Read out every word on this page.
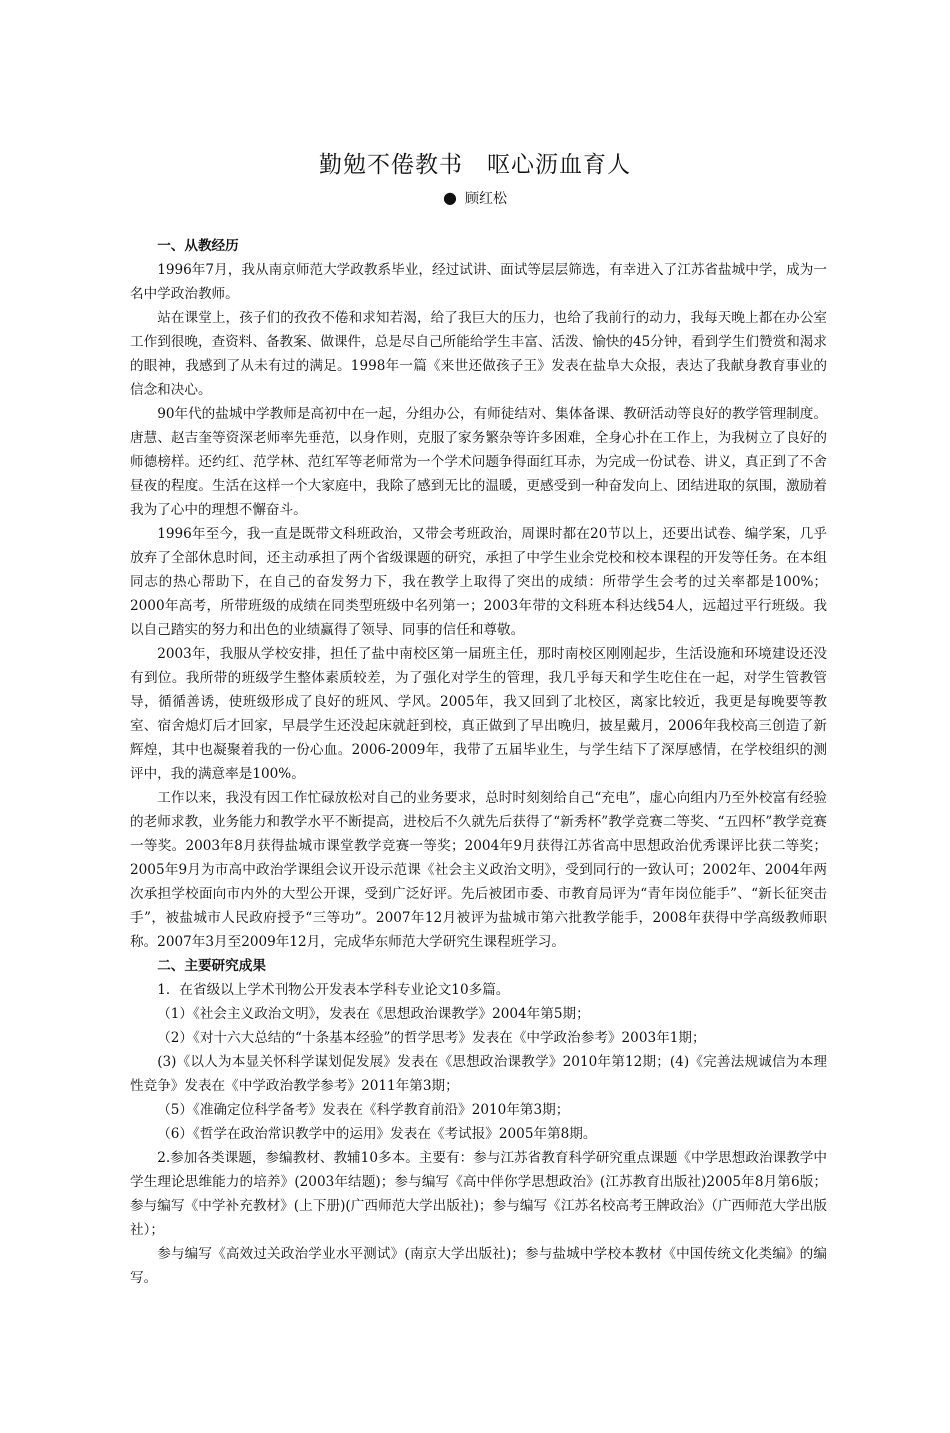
勤勉不倦教书　呕心沥血育人
● 顾红松
一、从教经历

1996年7月，我从南京师范大学政教系毕业，经过试讲、面试等层层筛选，有幸进入了江苏省盐城中学，成为一名中学政治教师。

站在课堂上，孩子们的孜孜不倦和求知若渴，给了我巨大的压力，也给了我前行的动力，我每天晚上都在办公室工作到很晚，查资料、备教案、做课件，总是尽自己所能给学生丰富、活泼、愉快的45分钟，看到学生们赞赏和渴求的眼神，我感到了从未有过的满足。1998年一篇《来世还做孩子王》发表在盐阜大众报，表达了我献身教育事业的信念和决心。

90年代的盐城中学教师是高初中在一起，分组办公，有师徒结对、集体备课、教研活动等良好的教学管理制度。唐慧、赵吉奎等资深老师率先垂范，以身作则，克服了家务繁杂等许多困难，全身心扑在工作上，为我树立了良好的师德榜样。还约红、范学林、范红军等老师常为一个学术问题争得面红耳赤，为完成一份试卷、讲义，真正到了不舍昼夜的程度。生活在这样一个大家庭中，我除了感到无比的温暖，更感受到一种奋发向上、团结进取的氛围，激励着我为了心中的理想不懈奋斗。

1996年至今，我一直是既带文科班政治，又带会考班政治，周课时都在20节以上，还要出试卷、编学案，几乎放弃了全部休息时间，还主动承担了两个省级课题的研究，承担了中学生业余党校和校本课程的开发等任务。在本组同志的热心帮助下，在自己的奋发努力下，我在教学上取得了突出的成绩：所带学生会考的过关率都是100%；2000年高考，所带班级的成绩在同类型班级中名列第一；2003年带的文科班本科达线54人，远超过平行班级。我以自己踏实的努力和出色的业绩赢得了领导、同事的信任和尊敬。

2003年，我服从学校安排，担任了盐中南校区第一届班主任，那时南校区刚刚起步，生活设施和环境建设还没有到位。我所带的班级学生整体素质较差，为了强化对学生的管理，我几乎每天和学生吃住在一起，对学生管教管导，循循善诱，使班级形成了良好的班风、学风。2005年，我又回到了北校区，离家比较近，我更是每晚要等教室、宿舍熄灯后才回家，早晨学生还没起床就赶到校，真正做到了早出晚归，披星戴月，2006年我校高三创造了新辉煌，其中也凝聚着我的一份心血。2006-2009年，我带了五届毕业生，与学生结下了深厚感情，在学校组织的测评中，我的满意率是100%。

工作以来，我没有因工作忙碌放松对自己的业务要求，总时时刻刻给自己“充电”，虚心向组内乃至外校富有经验的老师求教，业务能力和教学水平不断提高，进校后不久就先后获得了“新秀杯”教学竞赛二等奖、“五四杯”教学竞赛一等奖。2003年8月获得盐城市课堂教学竞赛一等奖；2004年9月获得江苏省高中思想政治优秀课评比获二等奖；2005年9月为市高中政治学课组会议开设示范课《社会主义政治文明》，受到同行的一致认可；2002年、2004年两次承担学校面向市内外的大型公开课，受到广泛好评。先后被团市委、市教育局评为“青年岗位能手”、“新长征突击手”，被盐城市人民政府授予“三等功”。2007年12月被评为盐城市第六批教学能手，2008年获得中学高级教师职称。2007年3月至2009年12月，完成华东师范大学研究生课程班学习。

二、主要研究成果

1．在省级以上学术刊物公开发表本学科专业论文10多篇。

（1）《社会主义政治文明》，发表在《思想政治课教学》2004年第5期；

（2）《对十六大总结的“十条基本经验”的哲学思考》发表在《中学政治参考》2003年1期；

(3)《以人为本显关怀科学谋划促发展》发表在《思想政治课教学》2010年第12期；(4)《完善法规诚信为本理性竞争》发表在《中学政治教学参考》2011年第3期；

（5）《准确定位科学备考》发表在《科学教育前沿》2010年第3期；

（6）《哲学在政治常识教学中的运用》发表在《考试报》2005年第8期。

2.参加各类课题，参编教材、教辅10多本。主要有：参与江苏省教育科学研究重点课题《中学思想政治课教学中学生理论思维能力的培养》(2003年结题)；参与编写《高中伴你学思想政治》(江苏教育出版社)2005年8月第6版；参与编写《中学补充教材》(上下册)(广西师范大学出版社)；参与编写《江苏名校高考王牌政治》（广西师范大学出版社）；

参与编写《高效过关政治学业水平测试》(南京大学出版社)；参与盐城中学校本教材《中国传统文化类编》的编写。
